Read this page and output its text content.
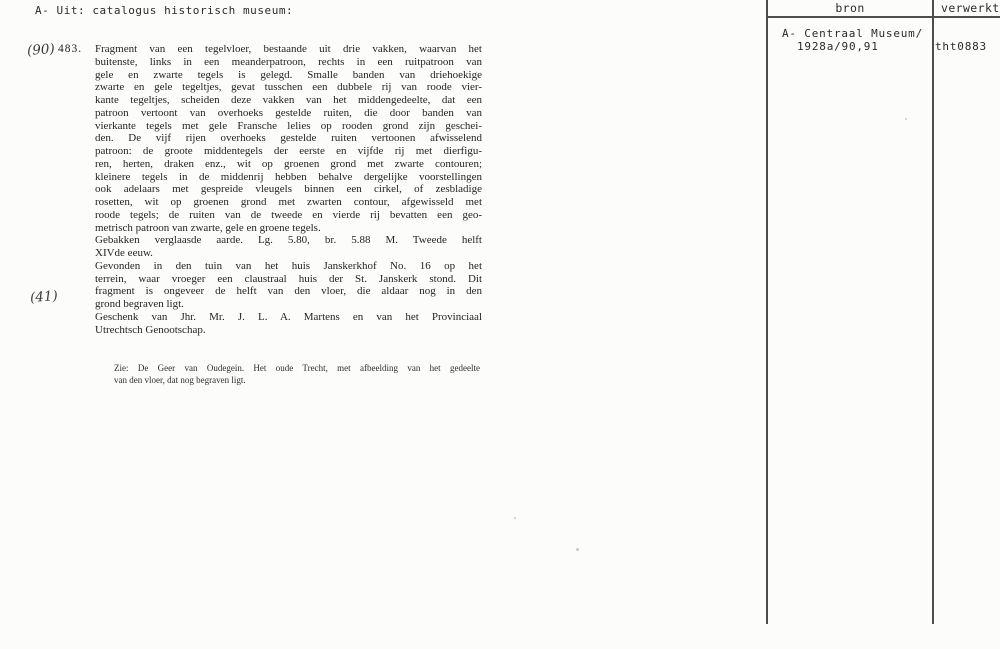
A- Uit: catalogus historisch museum:	bron	verwerkt
A- Centraal Museum/
1928a/90,91	tht0883
(90)
(41)
483. Fragment van een tegelvloer, bestaande uit drie vakken, waarvan het
buitenste, links in een meanderpatroon, rechts in een ruitpatroon van
gele en zwarte tegels is gelegd. Smalle banden van driehoekige
zwarte en gele tegeltjes, gevat tusschen een dubbele rij van roode vier-
kante tegeltjes, scheiden deze vakken van het middengedeelte, dat een
patroon vertoont van overhoeks gestelde ruiten, die door banden van
vierkante tegels met gele Fransche lelies op rooden grond zijn geschei-
den. De vijf rijen overhoeks gestelde ruiten vertoonen afwisselend
patroon: de groote middentegels der eerste en vijfde rij met dierfigu-
ren, herten, draken enz., wit op groenen grond met zwarte contouren;
kleinere tegels in de middenrij hebben behalve dergelijke voorstellingen
ook adelaars met gespreide vleugels binnen een cirkel, of zesbladige
rosetten, wit op groenen grond met zwarten contour, afgewisseld met
roode tegels; de ruiten van de tweede en vierde rij bevatten een geo-
metrisch patroon van zwarte, gele en groene tegels.
Gebakken verglaasde aarde. Lg. 5.80, br. 5.88 M. Tweede helft
XIVde eeuw.
Gevonden in den tuin van het huis Janskerkhof No. 16 op het
terrein, waar vroeger een claustraal huis der St. Janskerk stond. Dit
fragment is ongeveer de helft van den vloer, die aldaar nog in den
grond begraven ligt.
Geschenk van Jhr. Mr. J. L. A. Martens en van het Provinciaal
Utrechtsch Genootschap.
Zie: De Geer van Oudegein. Het oude Trecht, met afbeelding van het gedeelte
van den vloer, dat nog begraven ligt.
